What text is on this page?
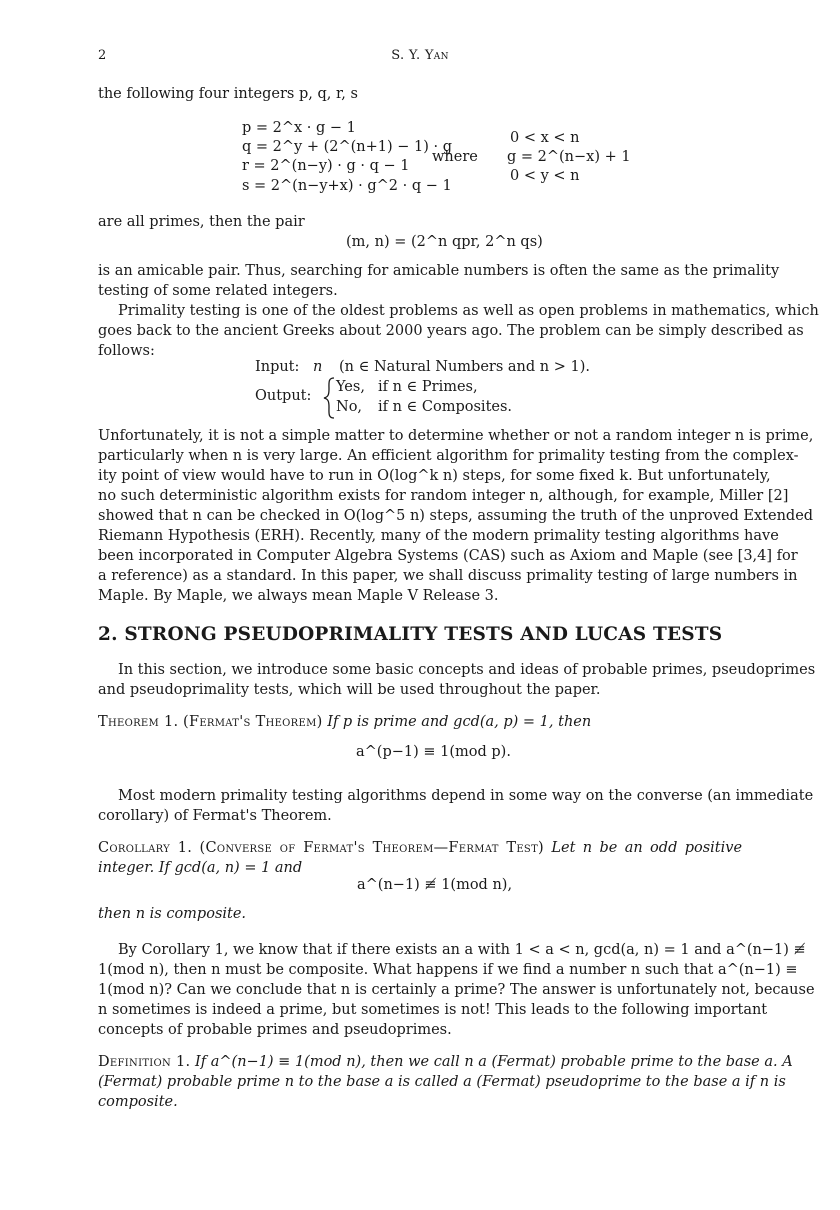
2	S. Y. Yan
the following four integers p, q, r, s
p = 2^x · g − 1
q = 2^y + (2^(n+1) − 1) · g
r = 2^(n−y) · g · q − 1
s = 2^(n−y+x) · g^2 · q − 1
where
0 < x < n
g = 2^(n−x) + 1
0 < y < n
are all primes, then the pair
(m, n) = (2^n qpr, 2^n qs)
is an amicable pair. Thus, searching for amicable numbers is often the same as the primality
testing of some related integers.
Primality testing is one of the oldest problems as well as open problems in mathematics, which
goes back to the ancient Greeks about 2000 years ago. The problem can be simply described as
follows:
Input: n (n ∈ Natural Numbers and n > 1).
Output:
Yes, if n ∈ Primes,
No, if n ∈ Composites.
Unfortunately, it is not a simple matter to determine whether or not a random integer n is prime,
particularly when n is very large. An efficient algorithm for primality testing from the complex-
ity point of view would have to run in O(log^k n) steps, for some fixed k. But unfortunately,
no such deterministic algorithm exists for random integer n, although, for example, Miller [2]
showed that n can be checked in O(log^5 n) steps, assuming the truth of the unproved Extended
Riemann Hypothesis (ERH). Recently, many of the modern primality testing algorithms have
been incorporated in Computer Algebra Systems (CAS) such as Axiom and Maple (see [3,4] for
a reference) as a standard. In this paper, we shall discuss primality testing of large numbers in
Maple. By Maple, we always mean Maple V Release 3.
2. STRONG PSEUDOPRIMALITY TESTS AND LUCAS TESTS
In this section, we introduce some basic concepts and ideas of probable primes, pseudoprimes
and pseudoprimality tests, which will be used throughout the paper.
Theorem 1. (Fermat's Theorem) If p is prime and gcd(a, p) = 1, then
a^(p−1) ≡ 1(mod p).
Most modern primality testing algorithms depend in some way on the converse (an immediate
corollary) of Fermat's Theorem.
Corollary 1. (Converse of Fermat's Theorem—Fermat Test) Let n be an odd positive
integer. If gcd(a, n) = 1 and
a^(n−1) ≢ 1(mod n),
then n is composite.
By Corollary 1, we know that if there exists an a with 1 < a < n, gcd(a, n) = 1 and a^(n−1) ≢
1(mod n), then n must be composite. What happens if we find a number n such that a^(n−1) ≡
1(mod n)? Can we conclude that n is certainly a prime? The answer is unfortunately not, because
n sometimes is indeed a prime, but sometimes is not! This leads to the following important
concepts of probable primes and pseudoprimes.
Definition 1. If a^(n−1) ≡ 1(mod n), then we call n a (Fermat) probable prime to the base a. A
(Fermat) probable prime n to the base a is called a (Fermat) pseudoprime to the base a if n is
composite.
